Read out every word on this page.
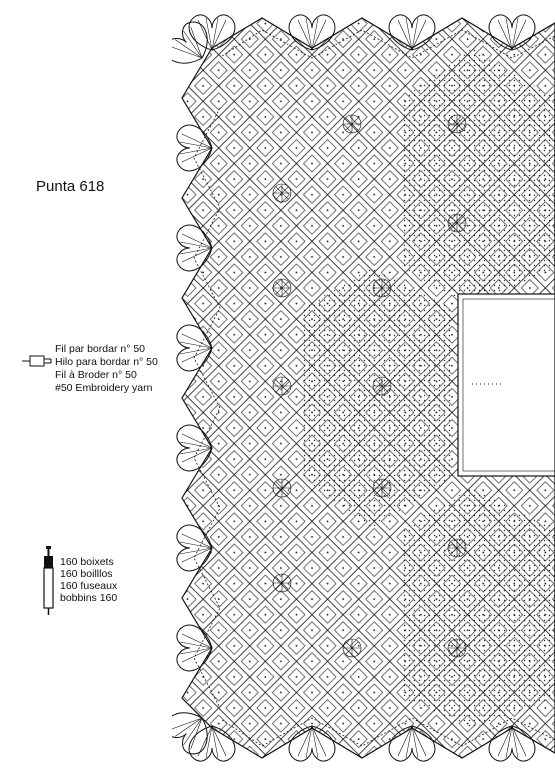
Punta 618
Fil par bordar n° 50
Hilo para bordar n° 50
Fil à Broder n° 50
#50 Embroidery yarn
160 boixets
160 boilllos
160 fuseaux
bobbins 160
